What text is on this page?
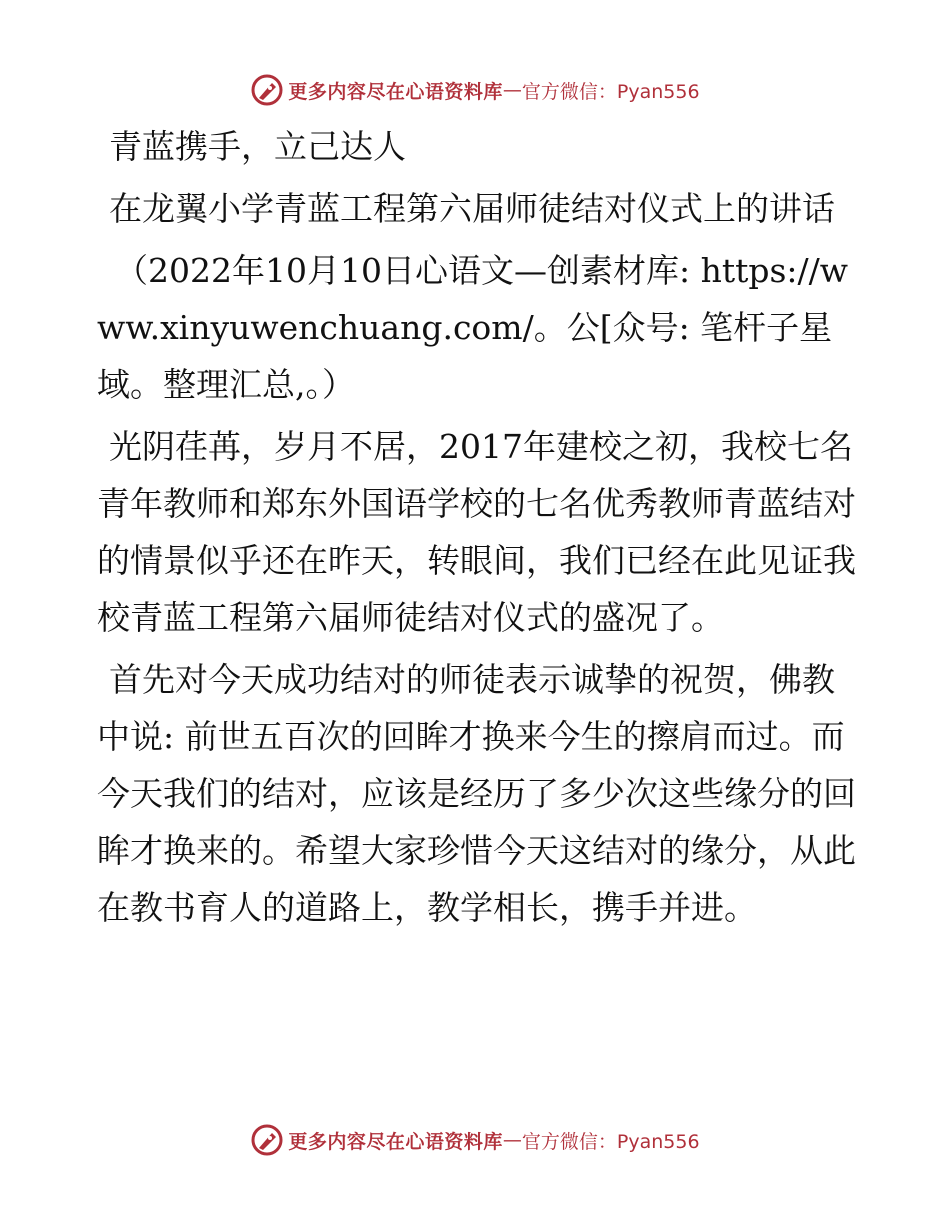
更多内容尽在心语资料库 — 官方微信：Pyan556

青蓝携手，立己达人

在龙翼小学青蓝工程第六届师徒结对仪式上的讲话

（2022年10月10日心语文—创素材库: https://www.xinyuwenchuang.com/。公[众号: 笔杆子星域。整理汇总,。）

光阴荏苒，岁月不居，2017年建校之初，我校七名青年教师和郑东外国语学校的七名优秀教师青蓝结对的情景似乎还在昨天，转眼间，我们已经在此见证我校青蓝工程第六届师徒结对仪式的盛况了。

首先对今天成功结对的师徒表示诚挚的祝贺，佛教中说: 前世五百次的回眸才换来今生的擦肩而过。而今天我们的结对，应该是经历了多少次这些缘分的回眸才换来的。希望大家珍惜今天这结对的缘分，从此在教书育人的道路上，教学相长，携手并进。

更多内容尽在心语资料库 — 官方微信：Pyan556
